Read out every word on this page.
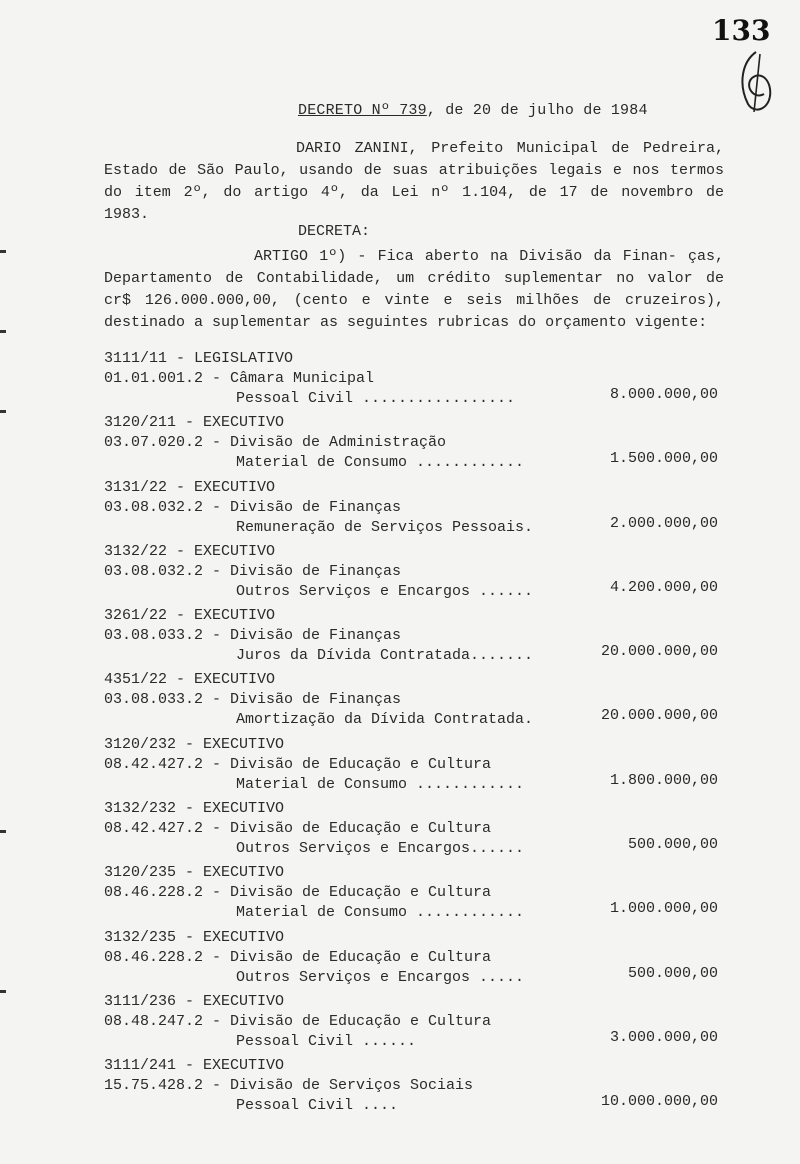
133
DECRETO Nº 739, de 20 de julho de 1984
DARIO ZANINI, Prefeito Municipal de Pedreira, Estado de São Paulo, usando de suas atribuições legais e nos termos do item 2º, do artigo 4º, da Lei nº 1.104, de 17 de novembro de 1983.
DECRETA:
ARTIGO 1º) - Fica aberto na Divisão da Finan- ças, Departamento de Contabilidade, um crédito suplementar no valor de cr$ 126.000.000,00, (cento e vinte e seis milhões de cruzeiros), destinado a suplementar as seguintes rubricas do orçamento vigente:
3111/11 - LEGISLATIVO
01.01.001.2 - Câmara Municipal
Pessoal Civil .................	8.000.000,00
3120/211 - EXECUTIVO
03.07.020.2 - Divisão de Administração
Material de Consumo ............	1.500.000,00
3131/22 - EXECUTIVO
03.08.032.2 - Divisão de Finanças
Remuneração de Serviços Pessoais.	2.000.000,00
3132/22 - EXECUTIVO
03.08.032.2 - Divisão de Finanças
Outros Serviços e Encargos ......	4.200.000,00
3261/22 - EXECUTIVO
03.08.033.2 - Divisão de Finanças
Juros da Dívida Contratada.......	20.000.000,00
4351/22 - EXECUTIVO
03.08.033.2 - Divisão de Finanças
Amortização da Dívida Contratada.	20.000.000,00
3120/232 - EXECUTIVO
08.42.427.2 - Divisão de Educação e Cultura
Material de Consumo ............	1.800.000,00
3132/232 - EXECUTIVO
08.42.427.2 - Divisão de Educação e Cultura
Outros Serviços e Encargos......	500.000,00
3120/235 - EXECUTIVO
08.46.228.2 - Divisão de Educação e Cultura
Material de Consumo ............	1.000.000,00
3132/235 - EXECUTIVO
08.46.228.2 - Divisão de Educação e Cultura
Outros Serviços e Encargos .....	500.000,00
3111/236 - EXECUTIVO
08.48.247.2 - Divisão de Educação e Cultura
Pessoal Civil ......	3.000.000,00
3111/241 - EXECUTIVO
15.75.428.2 - Divisão de Serviços Sociais
Pessoal Civil ....	10.000.000,00
